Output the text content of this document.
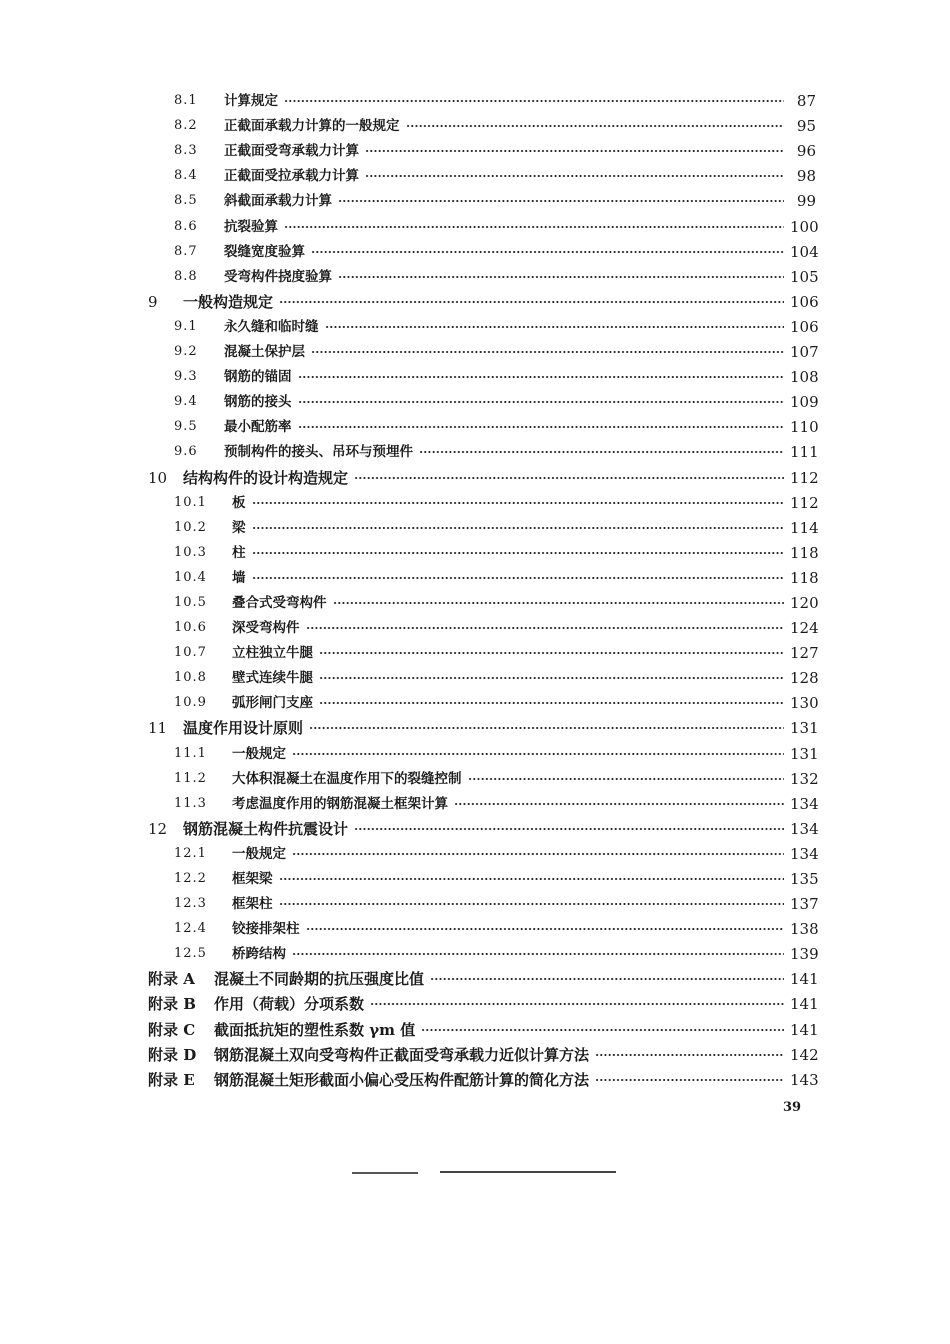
8.1	计算规定	87
8.2	正截面承载力计算的一般规定	95
8.3	正截面受弯承载力计算	96
8.4	正截面受拉承载力计算	98
8.5	斜截面承载力计算	99
8.6	抗裂验算	100
8.7	裂缝宽度验算	104
8.8	受弯构件挠度验算	105
9	一般构造规定	106
9.1	永久缝和临时缝	106
9.2	混凝土保护层	107
9.3	钢筋的锚固	108
9.4	钢筋的接头	109
9.5	最小配筋率	110
9.6	预制构件的接头、吊环与预埋件	111
10	结构构件的设计构造规定	112
10.1	板	112
10.2	梁	114
10.3	柱	118
10.4	墙	118
10.5	叠合式受弯构件	120
10.6	深受弯构件	124
10.7	立柱独立牛腿	127
10.8	壁式连续牛腿	128
10.9	弧形闸门支座	130
11	温度作用设计原则	131
11.1	一般规定	131
11.2	大体积混凝土在温度作用下的裂缝控制	132
11.3	考虑温度作用的钢筋混凝土框架计算	134
12	钢筋混凝土构件抗震设计	134
12.1	一般规定	134
12.2	框架梁	135
12.3	框架柱	137
12.4	铰接排架柱	138
12.5	桥跨结构	139
附录 A	混凝土不同龄期的抗压强度比值	141
附录 B	作用（荷载）分项系数	141
附录 C	截面抵抗矩的塑性系数 γm 值	141
附录 D	钢筋混凝土双向受弯构件正截面受弯承载力近似计算方法	142
附录 E	钢筋混凝土矩形截面小偏心受压构件配筋计算的简化方法	143
39
